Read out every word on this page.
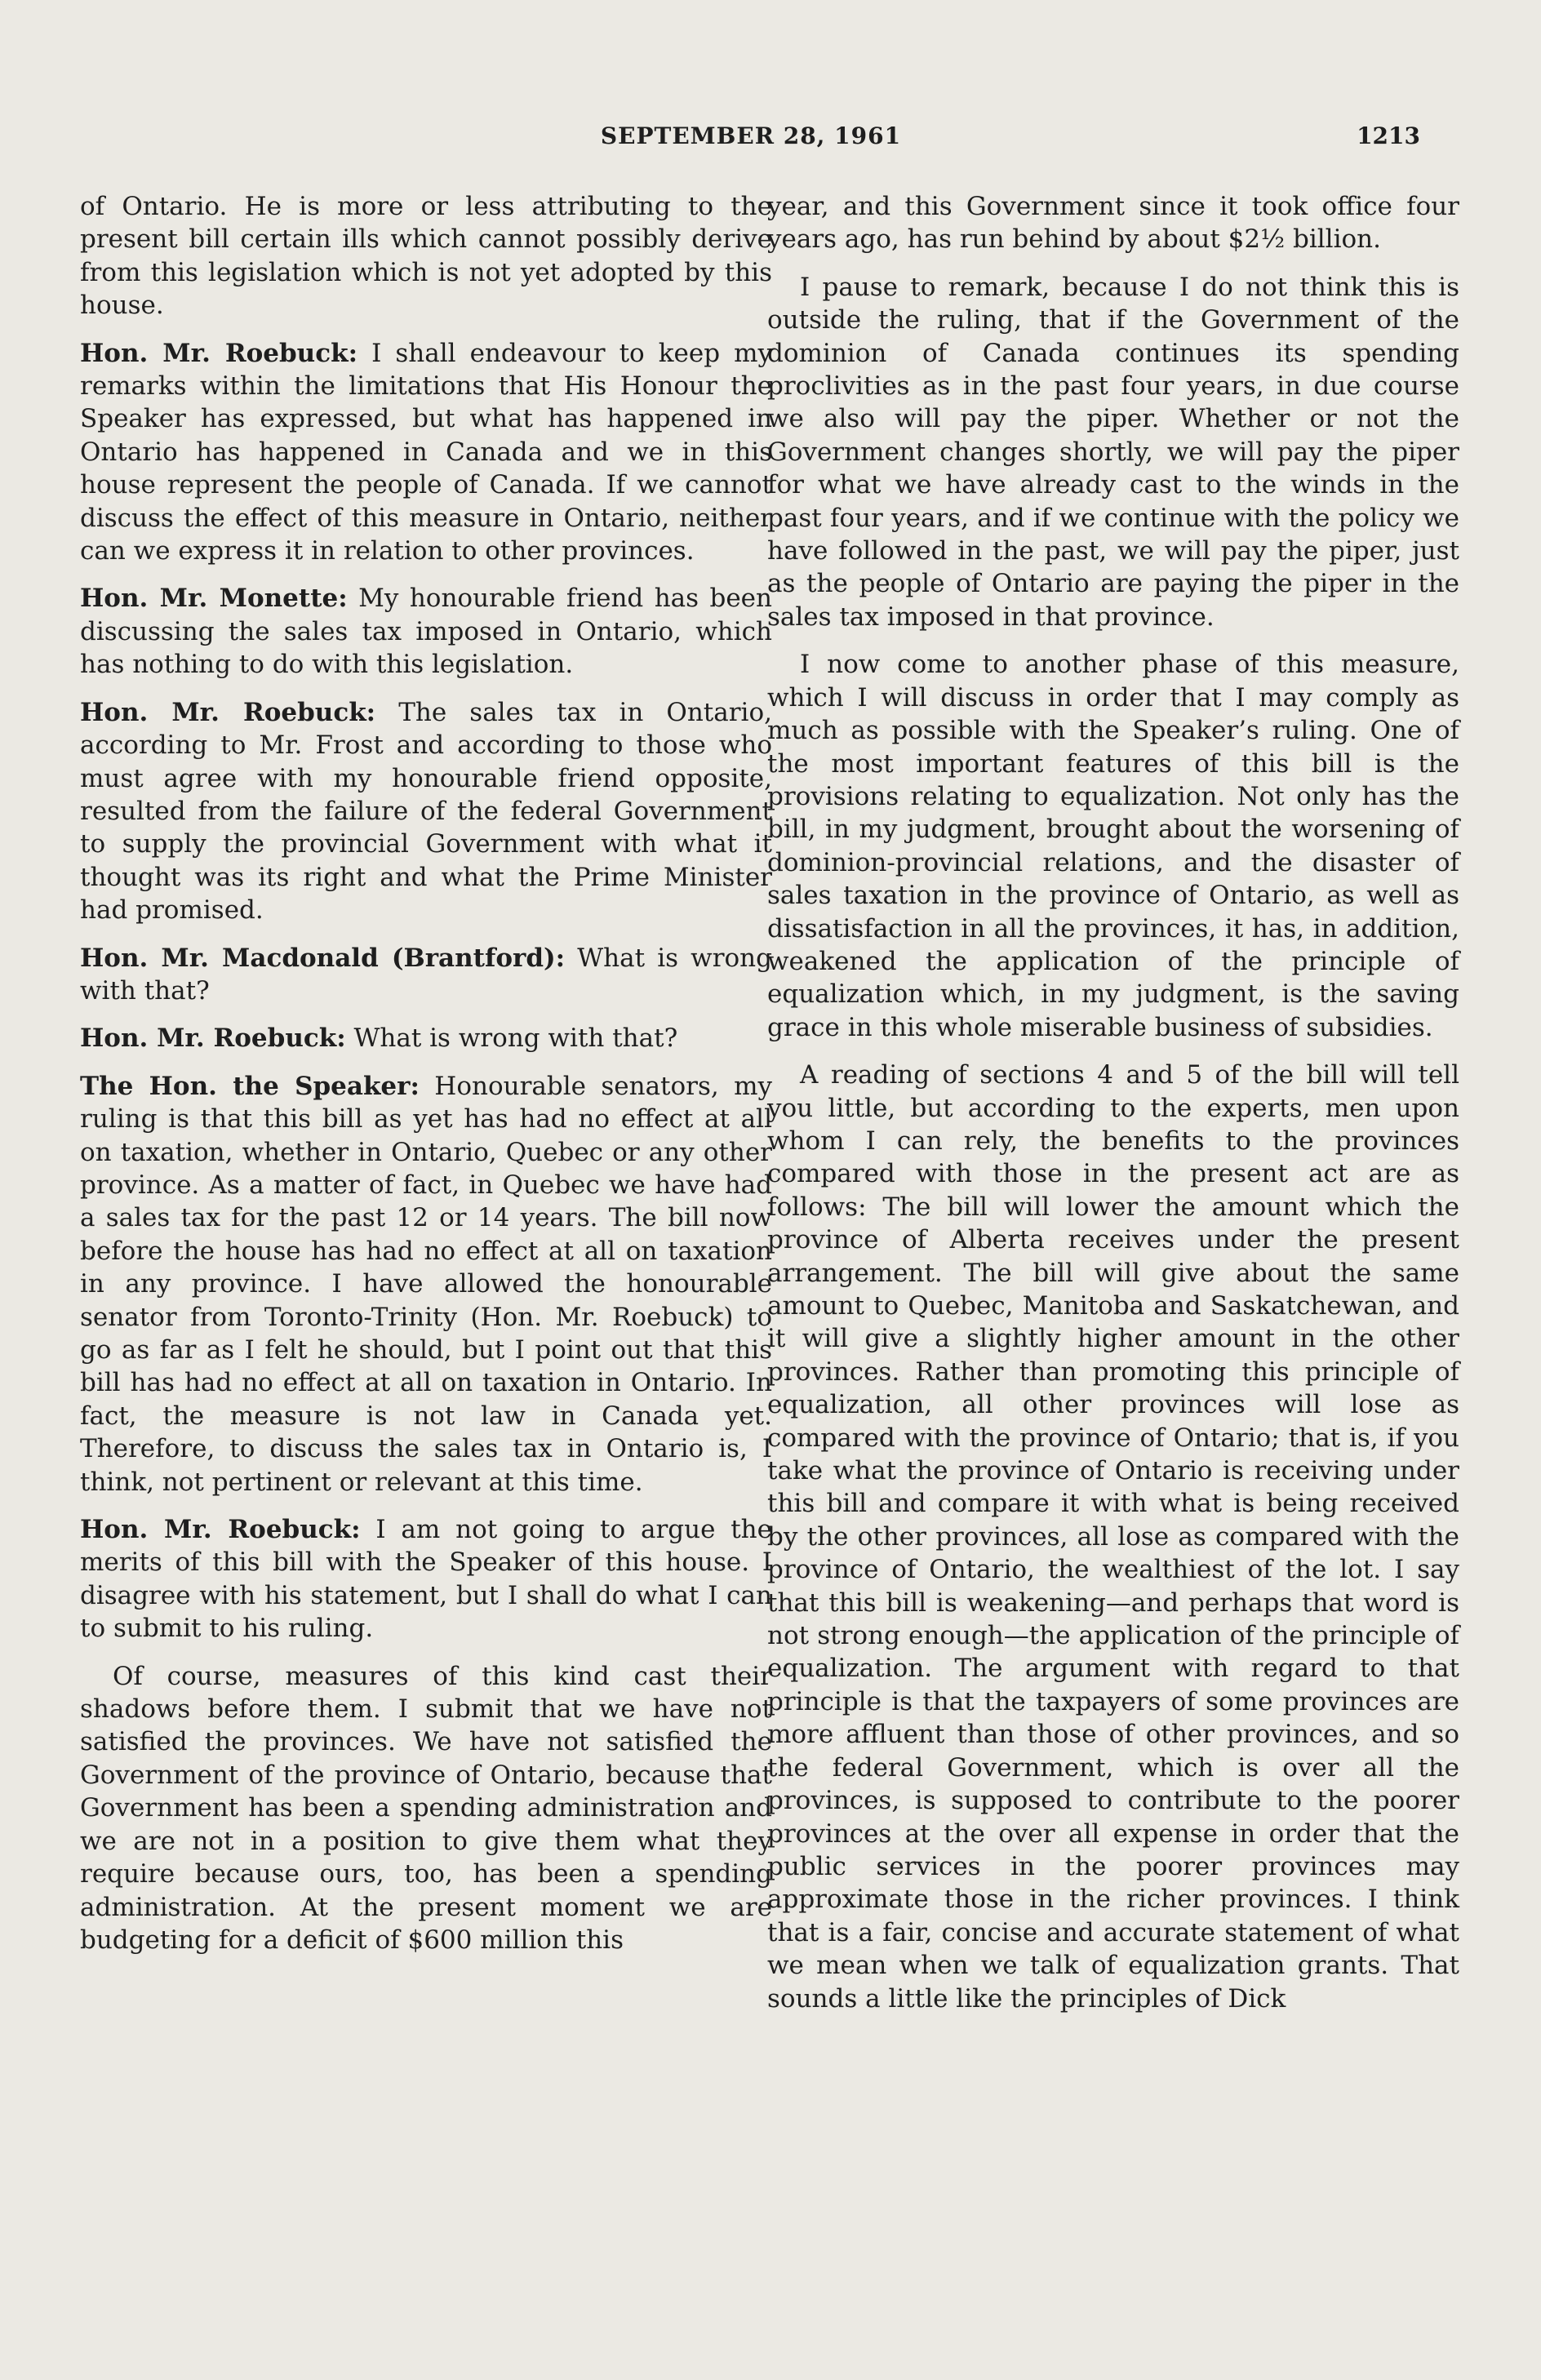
SEPTEMBER 28, 1961	1213

of Ontario. He is more or less attributing to the present bill certain ills which cannot possibly derive from this legislation which is not yet adopted by this house.

Hon. Mr. Roebuck: I shall endeavour to keep my remarks within the limitations that His Honour the Speaker has expressed, but what has happened in Ontario has happened in Canada and we in this house represent the people of Canada. If we cannot discuss the effect of this measure in Ontario, neither can we express it in relation to other provinces.

Hon. Mr. Monette: My honourable friend has been discussing the sales tax imposed in Ontario, which has nothing to do with this legislation.

Hon. Mr. Roebuck: The sales tax in Ontario, according to Mr. Frost and according to those who must agree with my honourable friend opposite, resulted from the failure of the federal Government to supply the provincial Government with what it thought was its right and what the Prime Minister had promised.

Hon. Mr. Macdonald (Brantford): What is wrong with that?

Hon. Mr. Roebuck: What is wrong with that?

The Hon. the Speaker: Honourable senators, my ruling is that this bill as yet has had no effect at all on taxation, whether in Ontario, Quebec or any other province. As a matter of fact, in Quebec we have had a sales tax for the past 12 or 14 years. The bill now before the house has had no effect at all on taxation in any province. I have allowed the honourable senator from Toronto-Trinity (Hon. Mr. Roebuck) to go as far as I felt he should, but I point out that this bill has had no effect at all on taxation in Ontario. In fact, the measure is not law in Canada yet. Therefore, to discuss the sales tax in Ontario is, I think, not pertinent or relevant at this time.

Hon. Mr. Roebuck: I am not going to argue the merits of this bill with the Speaker of this house. I disagree with his statement, but I shall do what I can to submit to his ruling.

Of course, measures of this kind cast their shadows before them. I submit that we have not satisfied the provinces. We have not satisfied the Government of the province of Ontario, because that Government has been a spending administration and we are not in a position to give them what they require because ours, too, has been a spending administration. At the present moment we are budgeting for a deficit of $600 million this

year, and this Government since it took office four years ago, has run behind by about $2½ billion.

I pause to remark, because I do not think this is outside the ruling, that if the Government of the dominion of Canada continues its spending proclivities as in the past four years, in due course we also will pay the piper. Whether or not the Government changes shortly, we will pay the piper for what we have already cast to the winds in the past four years, and if we continue with the policy we have followed in the past, we will pay the piper, just as the people of Ontario are paying the piper in the sales tax imposed in that province.

I now come to another phase of this measure, which I will discuss in order that I may comply as much as possible with the Speaker’s ruling. One of the most important features of this bill is the provisions relating to equalization. Not only has the bill, in my judgment, brought about the worsening of dominion-provincial relations, and the disaster of sales taxation in the province of Ontario, as well as dissatisfaction in all the provinces, it has, in addition, weakened the application of the principle of equalization which, in my judgment, is the saving grace in this whole miserable business of subsidies.

A reading of sections 4 and 5 of the bill will tell you little, but according to the experts, men upon whom I can rely, the benefits to the provinces compared with those in the present act are as follows: The bill will lower the amount which the province of Alberta receives under the present arrangement. The bill will give about the same amount to Quebec, Manitoba and Saskatchewan, and it will give a slightly higher amount in the other provinces. Rather than promoting this principle of equalization, all other provinces will lose as compared with the province of Ontario; that is, if you take what the province of Ontario is receiving under this bill and compare it with what is being received by the other provinces, all lose as compared with the province of Ontario, the wealthiest of the lot. I say that this bill is weakening—and perhaps that word is not strong enough—the application of the principle of equalization. The argument with regard to that principle is that the taxpayers of some provinces are more affluent than those of other provinces, and so the federal Government, which is over all the provinces, is supposed to contribute to the poorer provinces at the over all expense in order that the public services in the poorer provinces may approximate those in the richer provinces. I think that is a fair, concise and accurate statement of what we mean when we talk of equalization grants. That sounds a little like the principles of Dick
